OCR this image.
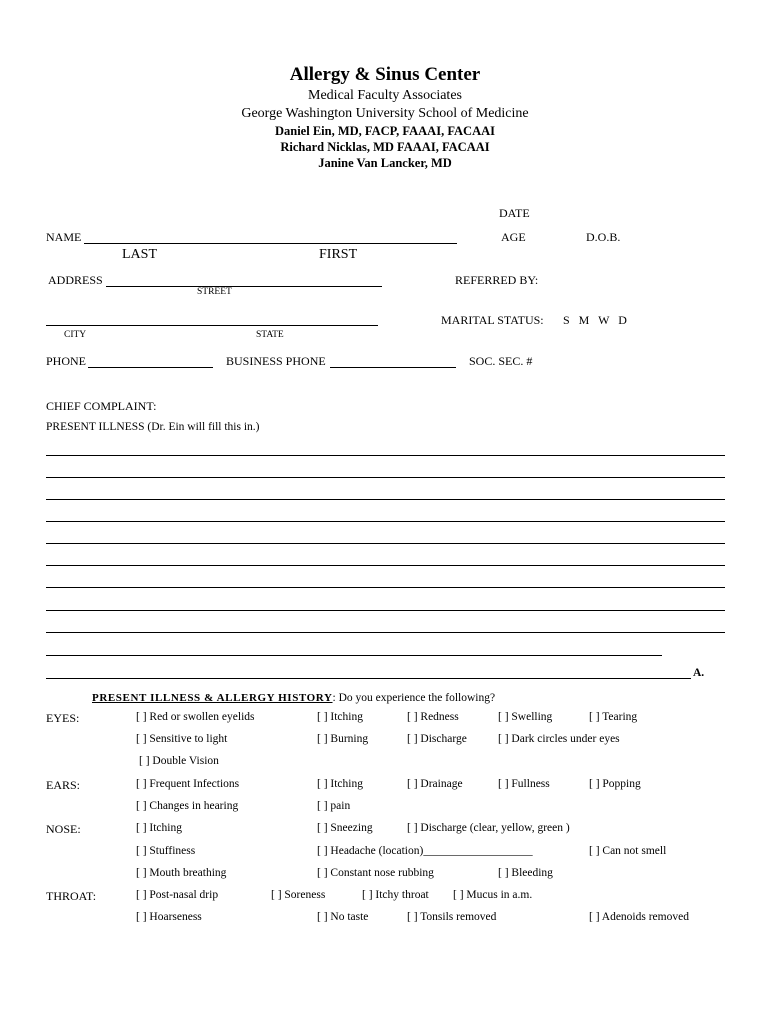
Allergy & Sinus Center
Medical Faculty Associates
George Washington University School of Medicine
Daniel Ein, MD, FACP, FAAAI, FACAAI
Richard Nicklas, MD FAAAI, FACAAI
Janine Van Lancker, MD
DATE
NAME	AGE	D.O.B.
LAST	FIRST
ADDRESS
STREET
REFERRED BY:
CITY	STATE
MARITAL STATUS: S   M   W   D
PHONE	BUSINESS PHONE	SOC. SEC. #
CHIEF COMPLAINT:
PRESENT ILLNESS (Dr. Ein will fill this in.)
A.
PRESENT ILLNESS & ALLERGY HISTORY: Do you experience the following?
EYES:	[ ] Red or swollen eyelids	[ ] Itching	[ ] Redness	[ ] Swelling	[ ] Tearing
[ ] Sensitive to light	[ ] Burning	[ ] Discharge	[ ] Dark circles under eyes
[ ] Double Vision
EARS:	[ ] Frequent Infections	[ ] Itching	[ ] Drainage	[ ] Fullness	[ ] Popping
[ ] Changes in hearing	[ ] pain
NOSE:	[ ] Itching	[ ] Sneezing	[ ] Discharge (clear, yellow, green )
[ ] Stuffiness	[ ] Headache (location)___________________	[ ] Can not smell
[ ] Mouth breathing	[ ] Constant nose rubbing	[ ] Bleeding
THROAT:	[ ] Post-nasal drip	[ ] Soreness	[ ] Itchy throat [ ] Mucus in a.m.
[ ] Hoarseness	[ ] No taste	[ ] Tonsils removed	[ ] Adenoids removed
